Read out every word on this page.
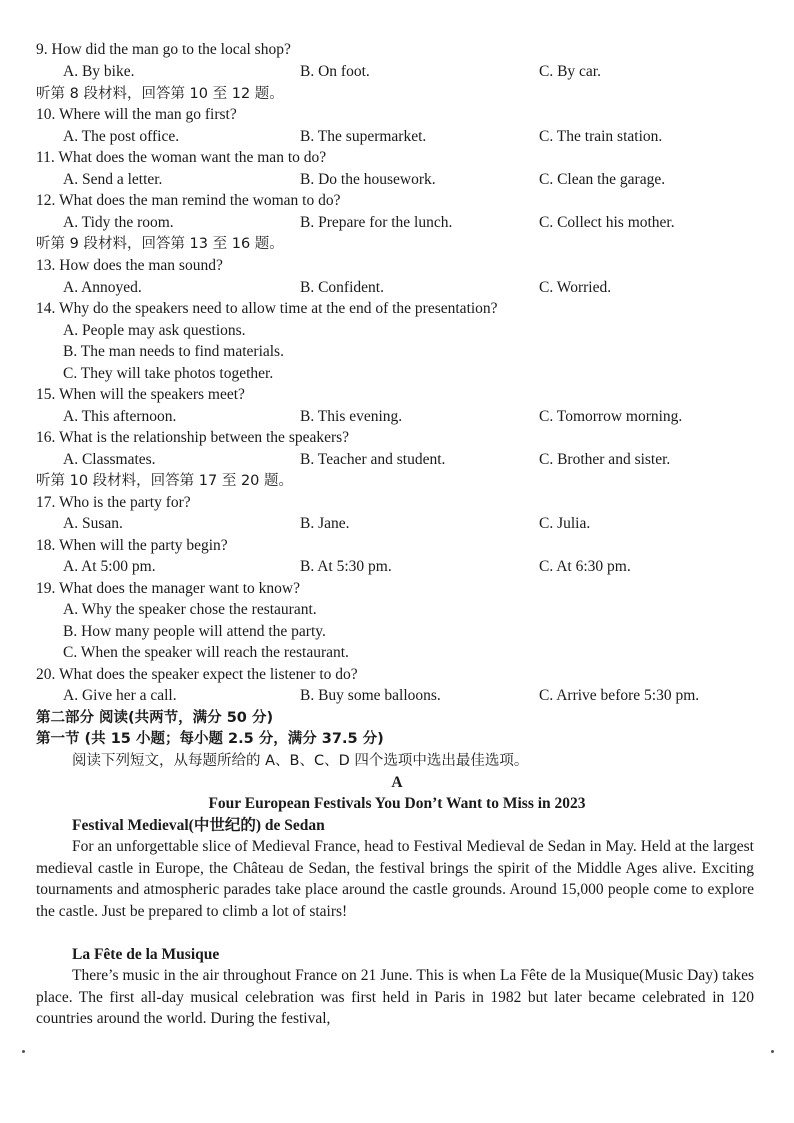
9. How did the man go to the local shop?
A. By bike.	B. On foot.	C. By car.
听第 8 段材料，回答第 10 至 12 题。
10. Where will the man go first?
A. The post office.	B. The supermarket.	C. The train station.
11. What does the woman want the man to do?
A. Send a letter.	B. Do the housework.	C. Clean the garage.
12. What does the man remind the woman to do?
A. Tidy the room.	B. Prepare for the lunch.	C. Collect his mother.
听第 9 段材料，回答第 13 至 16 题。
13. How does the man sound?
A. Annoyed.	B. Confident.	C. Worried.
14. Why do the speakers need to allow time at the end of the presentation?
A. People may ask questions.
B. The man needs to find materials.
C. They will take photos together.
15. When will the speakers meet?
A. This afternoon.	B. This evening.	C. Tomorrow morning.
16. What is the relationship between the speakers?
A. Classmates.	B. Teacher and student.	C. Brother and sister.
听第 10 段材料，回答第 17 至 20 题。
17. Who is the party for?
A. Susan.	B. Jane.	C. Julia.
18. When will the party begin?
A. At 5:00 pm.	B. At 5:30 pm.	C. At 6:30 pm.
19. What does the manager want to know?
A. Why the speaker chose the restaurant.
B. How many people will attend the party.
C. When the speaker will reach the restaurant.
20. What does the speaker expect the listener to do?
A. Give her a call.	B. Buy some balloons.	C. Arrive before 5:30 pm.
第二部分 阅读(共两节，满分 50 分)
第一节 (共 15 小题；每小题 2.5 分，满分 37.5 分)
阅读下列短文，从每题所给的 A、B、C、D 四个选项中选出最佳选项。
A
Four European Festivals You Don’t Want to Miss in 2023
Festival Medieval(中世纪的) de Sedan
For an unforgettable slice of Medieval France, head to Festival Medieval de Sedan in May. Held at the largest medieval castle in Europe, the Château de Sedan, the festival brings the spirit of the Middle Ages alive. Exciting tournaments and atmospheric parades take place around the castle grounds. Around 15,000 people come to explore the castle. Just be prepared to climb a lot of stairs!
La Fête de la Musique
There’s music in the air throughout France on 21 June. This is when La Fête de la Musique(Music Day) takes place. The first all-day musical celebration was first held in Paris in 1982 but later became celebrated in 120 countries around the world. During the festival,
